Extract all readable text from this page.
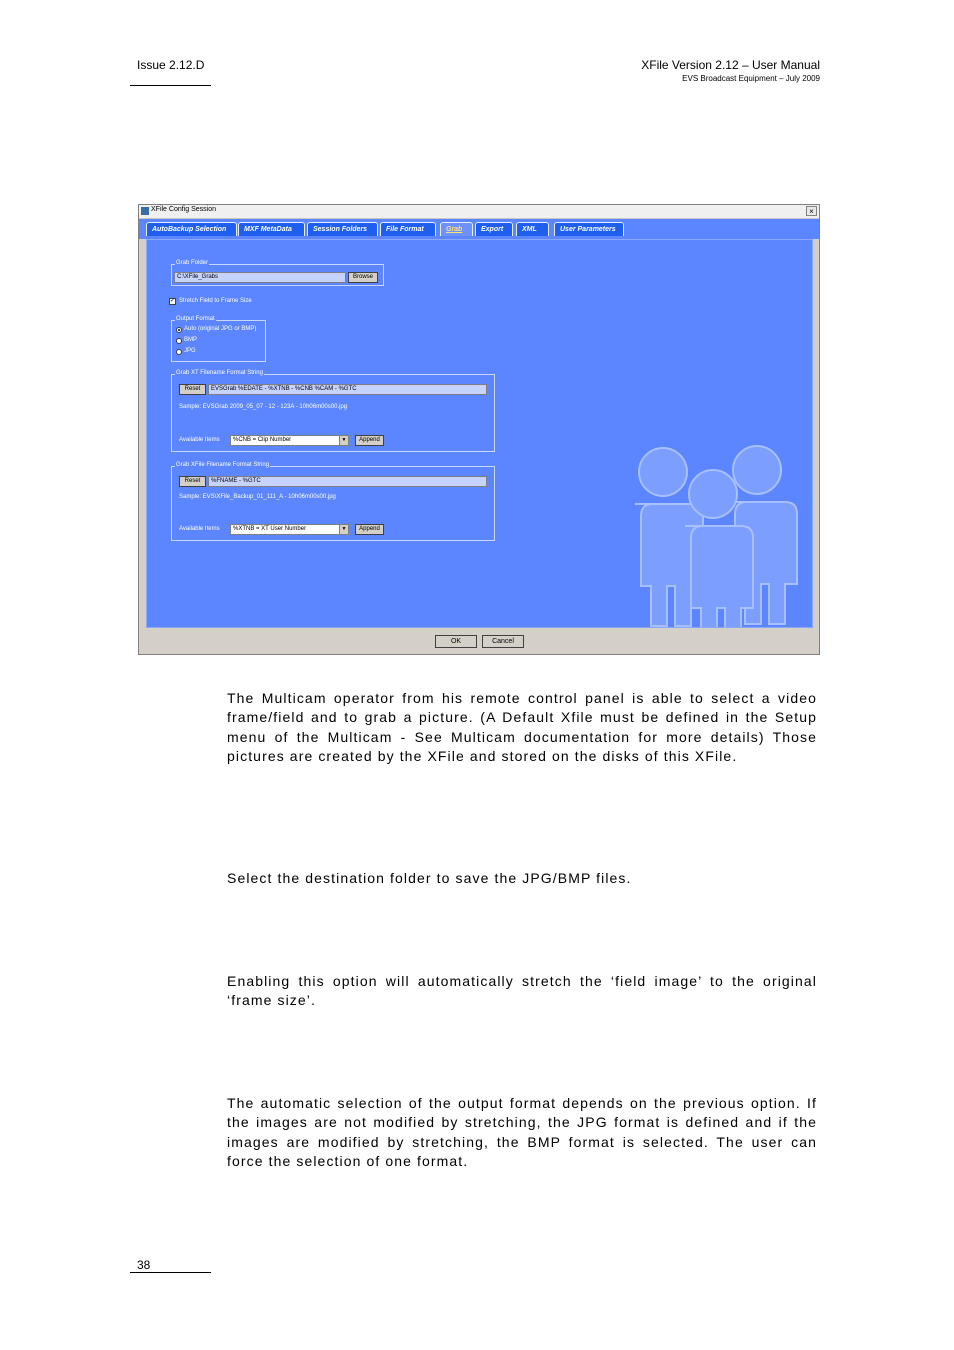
Issue 2.12.D	XFile Version 2.12 – User Manual
EVS Broadcast Equipment – July 2009
XFile Config Session	×
AutoBackup Selection	MXF MetaData	Session Folders	File Format	Grab	Export	XML	User Parameters
Grab Folder
C:\XFile_Grabs	Browse
✓ Stretch Field to Frame Size
Output Format
Auto (original JPG or BMP)
BMP
JPG
Grab XT Filename Format String
Reset	EVSGrab %EDATE - %XTNB - %CNB %CAM - %GTC
Sample: EVSGrab 2009_05_07 - 12 - 123A - 10h06m00s00.jpg
Available Items	%CNB = Clip Number	▼	Append
Grab XFile Filename Format String
Reset	%FNAME - %GTC
Sample: EVS\XFile_Backup_01_111_A - 10h06m00s00.jpg
Available Items	%XTNB = XT User Number	▼	Append
OK	Cancel
The Multicam operator from his remote control panel is able to select a video frame/field and to grab a picture. (A Default Xfile must be defined in the Setup menu of the Multicam - See Multicam documentation for more details) Those pictures are created by the XFile and stored on the disks of this XFile.
Select the destination folder to save the JPG/BMP files.
Enabling this option will automatically stretch the ‘field image’ to the original ‘frame size’.
The automatic selection of the output format depends on the previous option. If the images are not modified by stretching, the JPG format is defined and if the images are modified by stretching, the BMP format is selected. The user can force the selection of one format.
38
